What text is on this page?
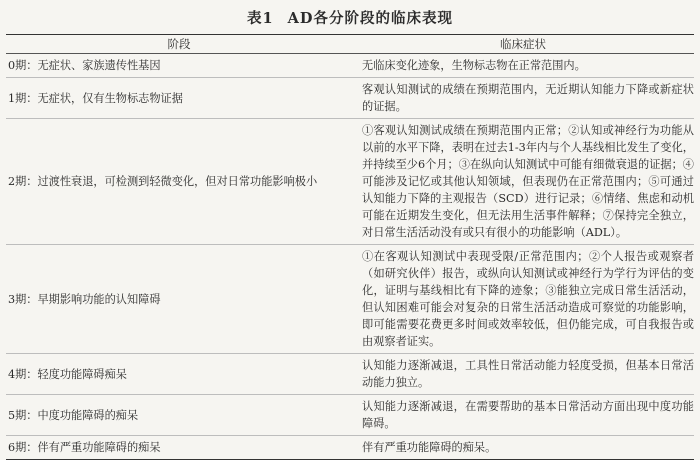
表1 AD各分阶段的临床表现
阶段	临床症状
0期：无症状、家族遗传性基因	无临床变化迹象，生物标志物在正常范围内。
1期：无症状，仅有生物标志物证据	客观认知测试的成绩在预期范围内，无近期认知能力下降或新症状的证据。
2期：过渡性衰退，可检测到轻微变化，但对日常功能影响极小	①客观认知测试成绩在预期范围内正常；②认知或神经行为功能从以前的水平下降，表明在过去1-3年内与个人基线相比发生了变化，并持续至少6个月；③在纵向认知测试中可能有细微衰退的证据；④可能涉及记忆或其他认知领域，但表现仍在正常范围内；⑤可通过认知能力下降的主观报告（SCD）进行记录；⑥情绪、焦虑和动机可能在近期发生变化，但无法用生活事件解释；⑦保持完全独立，对日常生活活动没有或只有很小的功能影响（ADL）。
3期：早期影响功能的认知障碍	①在客观认知测试中表现受限/正常范围内；②个人报告或观察者（如研究伙伴）报告，或纵向认知测试或神经行为学行为评估的变化，证明与基线相比有下降的迹象；③能独立完成日常生活活动，但认知困难可能会对复杂的日常生活活动造成可察觉的功能影响，即可能需要花费更多时间或效率较低，但仍能完成，可自我报告或由观察者证实。
4期：轻度功能障碍痴呆	认知能力逐渐减退，工具性日常活动能力轻度受损，但基本日常活动能力独立。
5期：中度功能障碍的痴呆	认知能力逐渐减退，在需要帮助的基本日常活动方面出现中度功能障碍。
6期：伴有严重功能障碍的痴呆	伴有严重功能障碍的痴呆。
